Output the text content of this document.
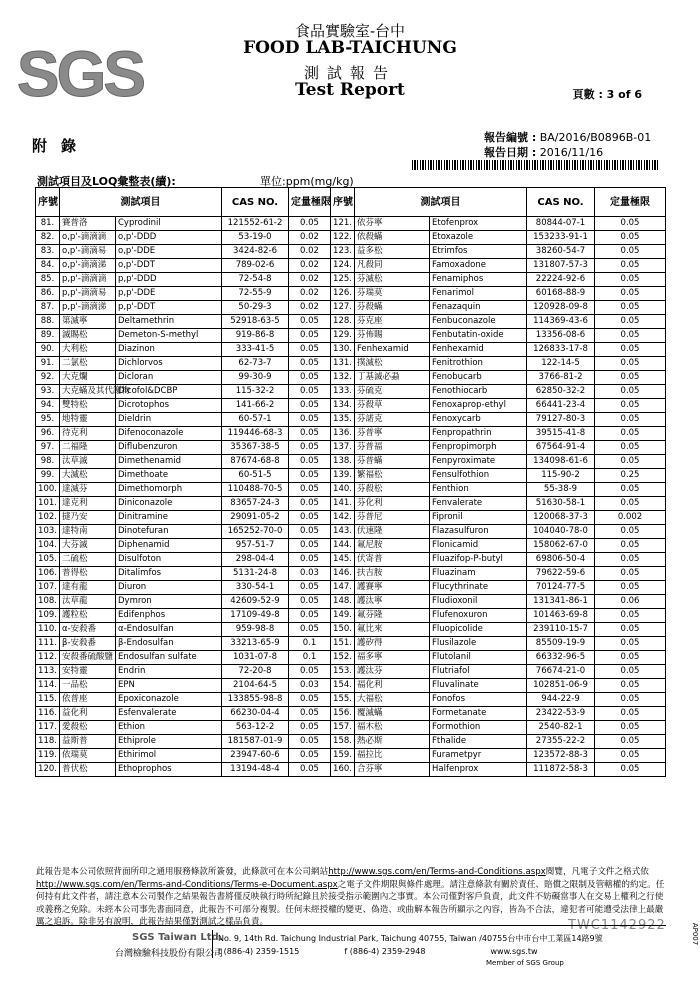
SGS
食品實驗室-台中
FOOD LAB-TAICHUNG
測試報告
Test Report	頁數 : 3 of 6
附錄	報告編號 : BA/2016/B0896B-01
報告日期 : 2016/11/16
測試項目及LOQ彙整表(續):	單位:ppm(mg/kg)
序號	測試項目		CAS NO.	定量極限	序號	測試項目		CAS NO.	定量極限
81.	賽普洛	Cyprodinil	121552-61-2	0.05	121.	依芬寧	Etofenprox	80844-07-1	0.05
82.	o,p'-滴滴滴	o,p'-DDD	53-19-0	0.02	122.	依殺蟎	Etoxazole	153233-91-1	0.05
83.	o,p'-滴滴易	o,p'-DDE	3424-82-6	0.02	123.	益多松	Etrimfos	38260-54-7	0.05
84.	o,p'-滴滴涕	o,p'-DDT	789-02-6	0.02	124.	凡殺同	Famoxadone	131807-57-3	0.05
85.	p,p'-滴滴滴	p,p'-DDD	72-54-8	0.02	125.	芬滅松	Fenamiphos	22224-92-6	0.05
86.	p,p'-滴滴易	p,p'-DDE	72-55-9	0.02	126.	芬瑞莫	Fenarimol	60168-88-9	0.05
87.	p,p'-滴滴涕	p,p'-DDT	50-29-3	0.02	127.	芬殺蟎	Fenazaquin	120928-09-8	0.05
88.	第滅寧	Deltamethrin	52918-63-5	0.05	128.	芬克座	Fenbuconazole	114369-43-6	0.05
89.	滅賜松	Demeton-S-methyl	919-86-8	0.05	129.	芬佈賜	Fenbutatin-oxide	13356-08-6	0.05
90.	大利松	Diazinon	333-41-5	0.05	130.	Fenhexamid	Fenhexamid	126833-17-8	0.05
91.	二氯松	Dichlorvos	62-73-7	0.05	131.	撲滅松	Fenitrothion	122-14-5	0.05
92.	大克爛	Dicloran	99-30-9	0.05	132.	丁基滅必蝨	Fenobucarb	3766-81-2	0.05
93.	大克蟎及其代謝物	Dicofol&DCBP	115-32-2	0.05	133.	芬硫克	Fenothiocarb	62850-32-2	0.05
94.	雙特松	Dicrotophos	141-66-2	0.05	134.	芬殺草	Fenoxaprop-ethyl	66441-23-4	0.05
95.	地特靈	Dieldrin	60-57-1	0.05	135.	芬諾克	Fenoxycarb	79127-80-3	0.05
96.	待克利	Difenoconazole	119446-68-3	0.05	136.	芬普寧	Fenpropathrin	39515-41-8	0.05
97.	二福隆	Diflubenzuron	35367-38-5	0.05	137.	芬普福	Fenpropimorph	67564-91-4	0.05
98.	汰草滅	Dimethenamid	87674-68-8	0.05	138.	芬普蟎	Fenpyroximate	134098-61-6	0.05
99.	大滅松	Dimethoate	60-51-5	0.05	139.	繁福松	Fensulfothion	115-90-2	0.25
100.	達滅芬	Dimethomorph	110488-70-5	0.05	140.	芬殺松	Fenthion	55-38-9	0.05
101.	達克利	Diniconazole	83657-24-3	0.05	141.	芬化利	Fenvalerate	51630-58-1	0.05
102.	撻乃安	Dinitramine	29091-05-2	0.05	142.	芬普尼	Fipronil	120068-37-3	0.002
103.	達特南	Dinotefuran	165252-70-0	0.05	143.	伏速隆	Flazasulfuron	104040-78-0	0.05
104.	大芬滅	Diphenamid	957-51-7	0.05	144.	氟尼胺	Flonicamid	158062-67-0	0.05
105.	二硫松	Disulfoton	298-04-4	0.05	145.	伏寄普	Fluazifop-P-butyl	69806-50-4	0.05
106.	普得松	Ditalimfos	5131-24-8	0.03	146.	扶吉胺	Fluazinam	79622-59-6	0.05
107.	達有龍	Diuron	330-54-1	0.05	147.	護賽寧	Flucythrinate	70124-77-5	0.05
108.	汰草龍	Dymron	42609-52-9	0.05	148.	護汰寧	Fludioxonil	131341-86-1	0.06
109.	護粒松	Edifenphos	17109-49-8	0.05	149.	氟芬隆	Flufenoxuron	101463-69-8	0.05
110.	α-安殺番	α-Endosulfan	959-98-8	0.05	150.	氟比來	Fluopicolide	239110-15-7	0.05
111.	β-安殺番	β-Endosulfan	33213-65-9	0.1	151.	護矽得	Flusilazole	85509-19-9	0.05
112.	安殺番硫酸鹽	Endosulfan sulfate	1031-07-8	0.1	152.	福多寧	Flutolanil	66332-96-5	0.05
113.	安特靈	Endrin	72-20-8	0.05	153.	護汰芬	Flutriafol	76674-21-0	0.05
114.	一品松	EPN	2104-64-5	0.03	154.	福化利	Fluvalinate	102851-06-9	0.05
115.	依普座	Epoxiconazole	133855-98-8	0.05	155.	大福松	Fonofos	944-22-9	0.05
116.	益化利	Esfenvalerate	66230-04-4	0.05	156.	覆滅蟎	Formetanate	23422-53-9	0.05
117.	愛殺松	Ethion	563-12-2	0.05	157.	福木松	Formothion	2540-82-1	0.05
118.	益斯普	Ethiprole	181587-01-9	0.05	158.	熱必斯	Fthalide	27355-22-2	0.05
119.	依瑞莫	Ethirimol	23947-60-6	0.05	159.	福拉比	Furametpyr	123572-88-3	0.05
120.	普伏松	Ethoprophos	13194-48-4	0.05	160.	合芬寧	Halfenprox	111872-58-3	0.05
此報告是本公司依照背面所印之通用服務條款所簽發，此條款可在本公司網站http://www.sgs.com/en/Terms-and-Conditions.aspx閱覽，凡電子文件之格式依http://www.sgs.com/en/Terms-and-Conditions/Terms-e-Document.aspx之電子文件期限與條件處理。請注意條款有關於責任、賠償之限制及管轄權的約定。任何持有此文件者，請注意本公司製作之結果報告書將僅反映執行時所紀錄且於接受指示範圍內之事實。本公司僅對客戶負責，此文件不妨礙當事人在交易上權利之行使或義務之免除。未經本公司事先書面同意，此報告不可部分複製。任何未經授權的變更、偽造、或曲解本報告所顯示之內容，皆為不合法，違犯者可能遭受法律上最嚴厲之追訴。除非另有說明，此報告結果僅對測試之樣品負責。	TWC1142922
SGS Taiwan Ltd.
台灣檢驗科技股份有限公司
No. 9, 14th Rd. Taichung Industrial Park, Taichung 40755, Taiwan /40755台中市台中工業區14路9號
t (886-4) 2359-1515	f (886-4) 2359-2948	www.sgs.tw
Member of SGS Group
AP007
